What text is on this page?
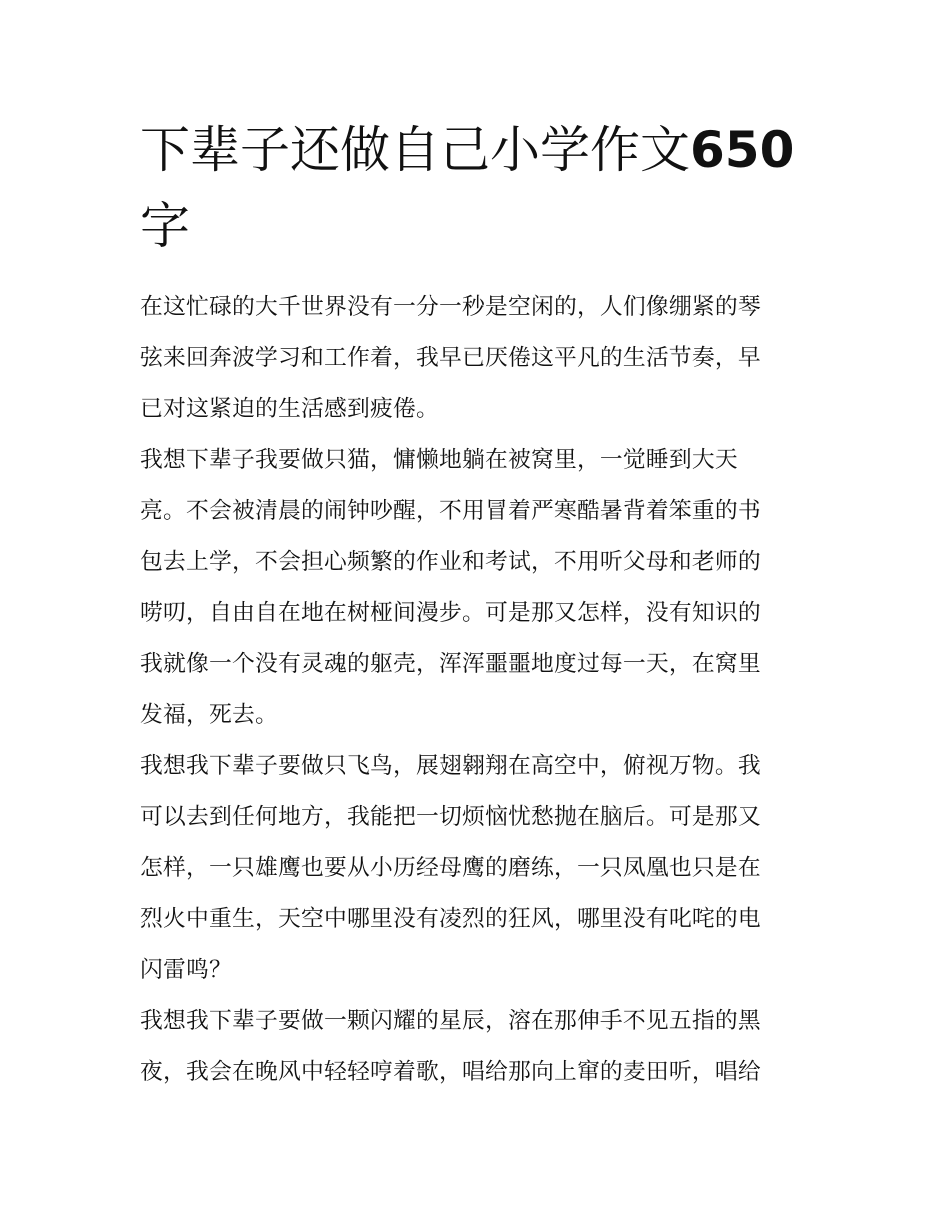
下辈子还做自己小学作文650
字

在这忙碌的大千世界没有一分一秒是空闲的，人们像绷紧的琴
弦来回奔波学习和工作着，我早已厌倦这平凡的生活节奏，早
已对这紧迫的生活感到疲倦。

我想下辈子我要做只猫，慵懒地躺在被窝里，一觉睡到大天
亮。不会被清晨的闹钟吵醒，不用冒着严寒酷暑背着笨重的书
包去上学，不会担心频繁的作业和考试，不用听父母和老师的
唠叨，自由自在地在树桠间漫步。可是那又怎样，没有知识的
我就像一个没有灵魂的躯壳，浑浑噩噩地度过每一天，在窝里
发福，死去。

我想我下辈子要做只飞鸟，展翅翱翔在高空中，俯视万物。我
可以去到任何地方，我能把一切烦恼忧愁抛在脑后。可是那又
怎样，一只雄鹰也要从小历经母鹰的磨练，一只凤凰也只是在
烈火中重生，天空中哪里没有凌烈的狂风，哪里没有叱咤的电
闪雷鸣？

我想我下辈子要做一颗闪耀的星辰，溶在那伸手不见五指的黑
夜，我会在晚风中轻轻哼着歌，唱给那向上窜的麦田听，唱给
